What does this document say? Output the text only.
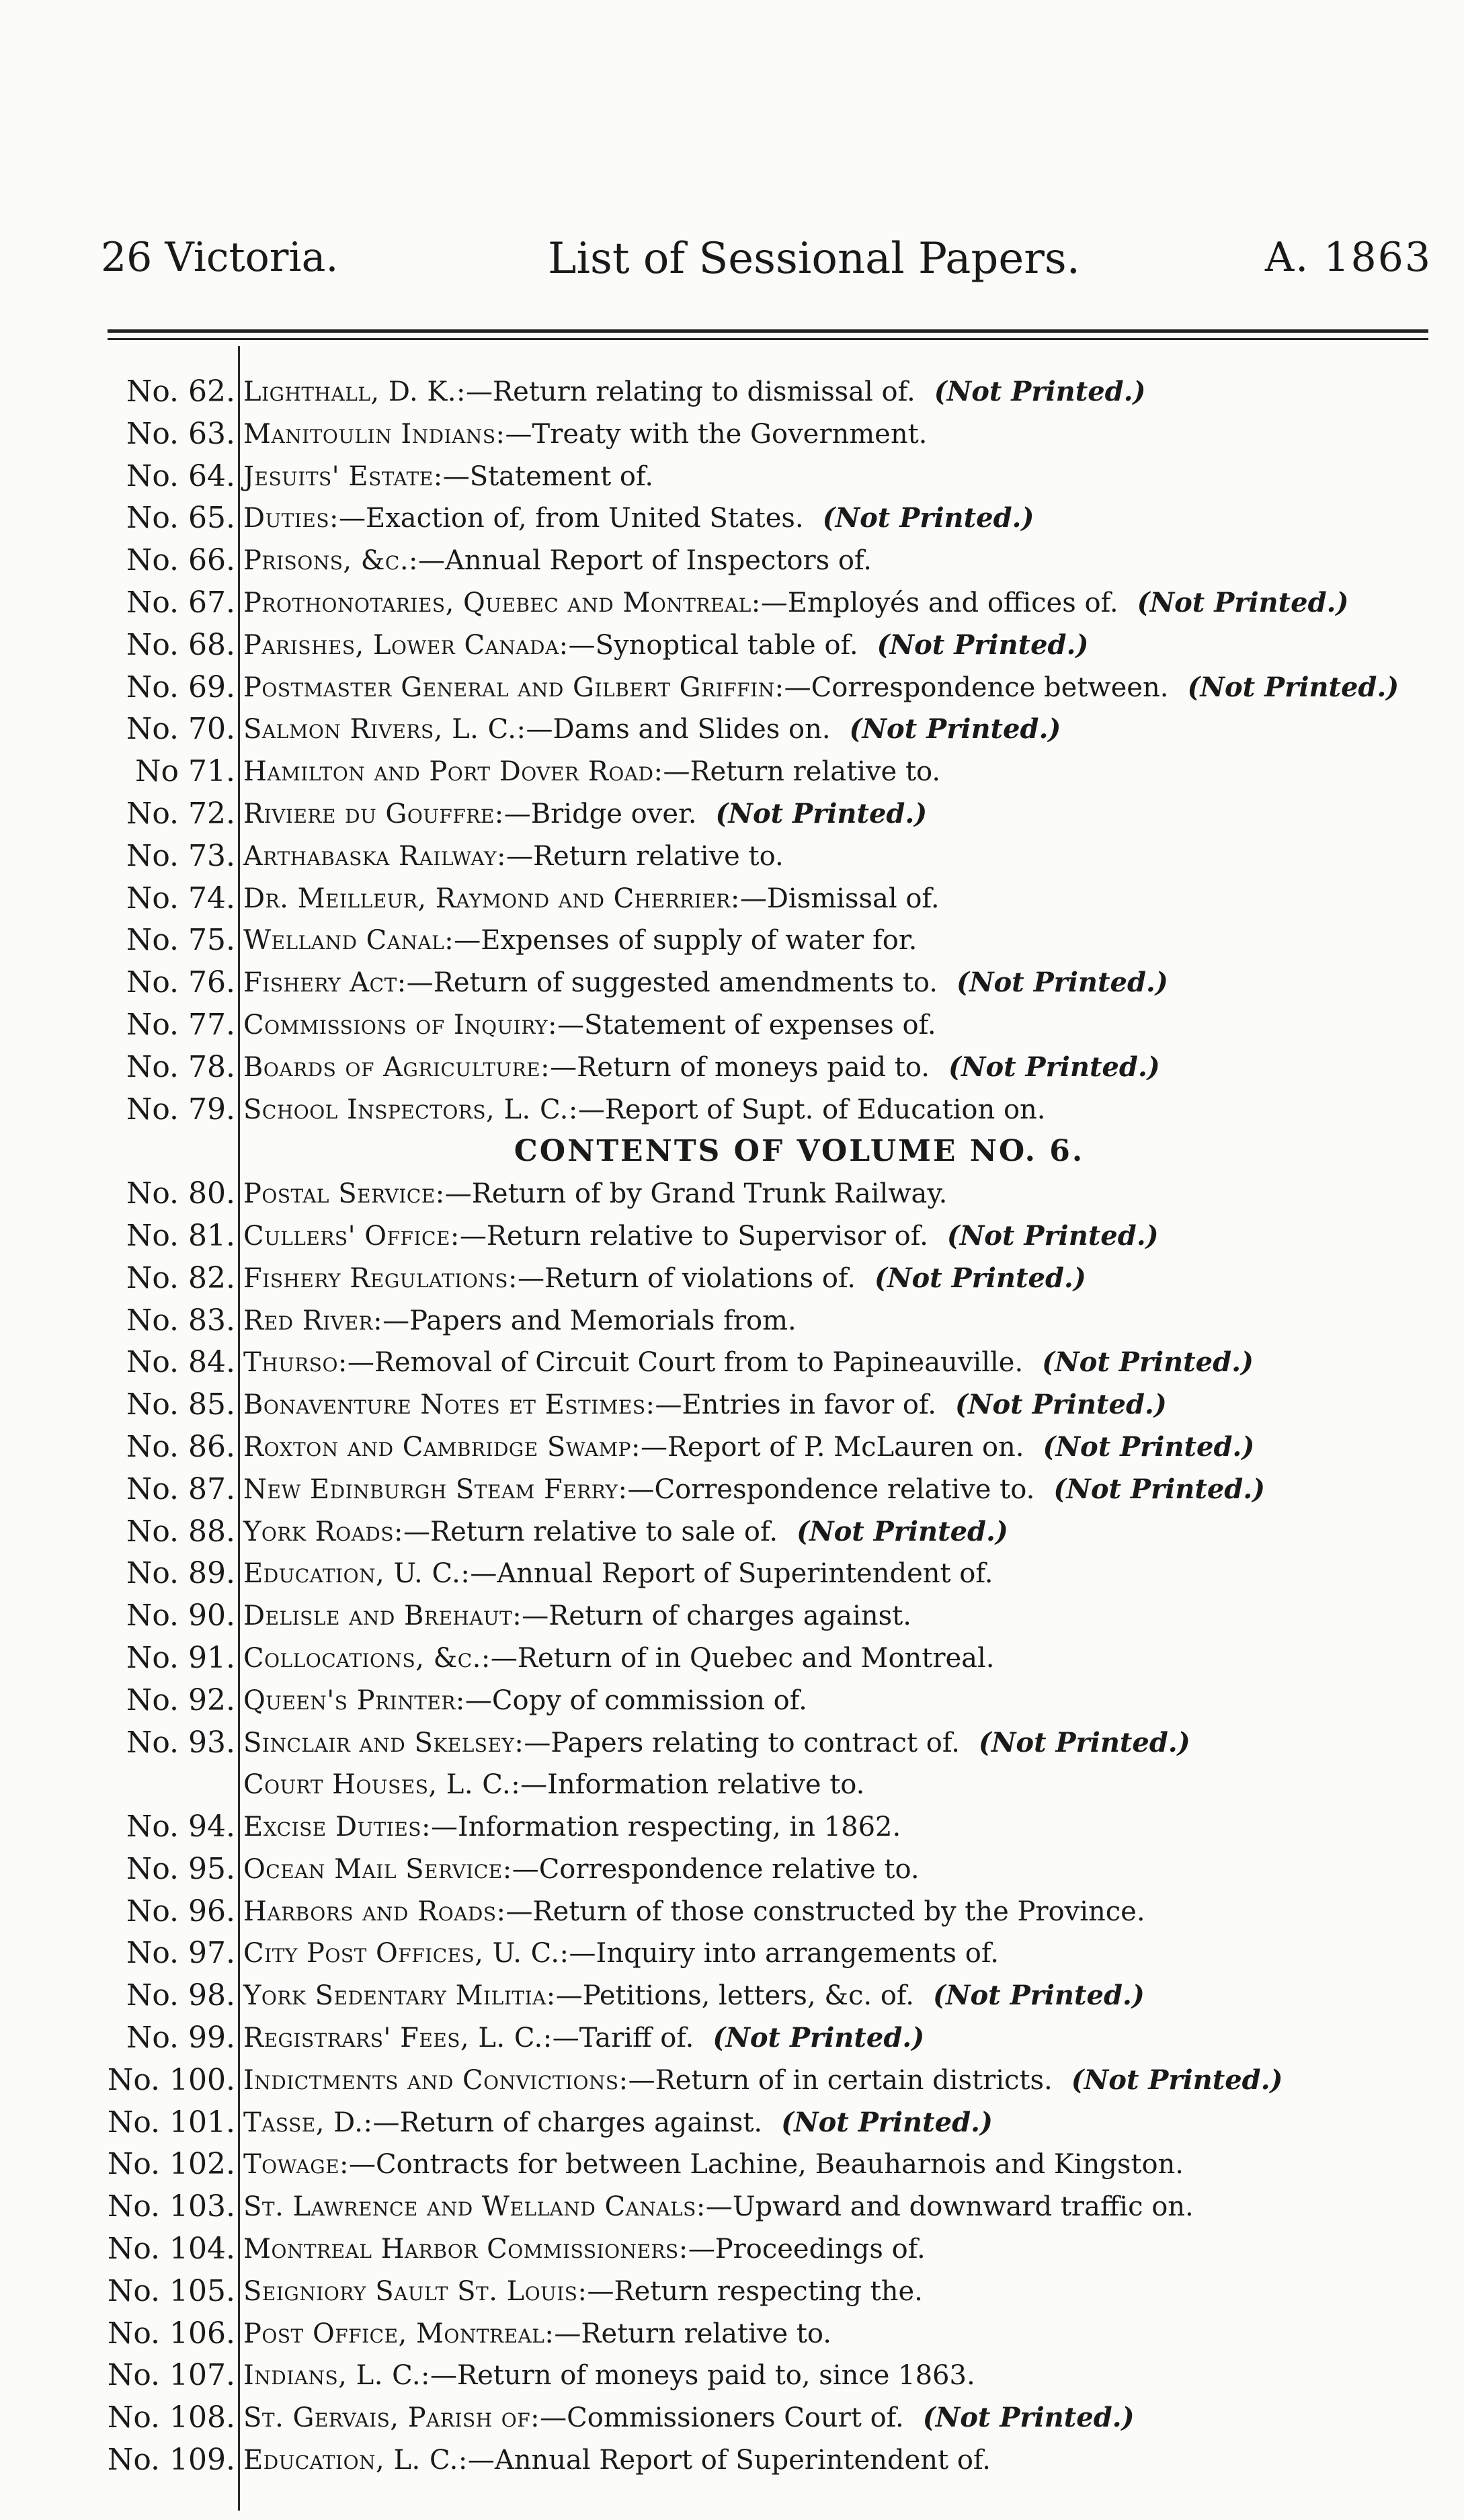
26 Victoria.	List of Sessional Papers.	A. 1863
No. 62. Lighthall, D. K.:—Return relating to dismissal of. (Not Printed.)
No. 63. Manitoulin Indians:—Treaty with the Government.
No. 64. Jesuits' Estate:—Statement of.
No. 65. Duties:—Exaction of, from United States. (Not Printed.)
No. 66. Prisons, &c.:—Annual Report of Inspectors of.
No. 67. Prothonotaries, Quebec and Montreal:—Employés and offices of. (Not Printed.)
No. 68. Parishes, Lower Canada:—Synoptical table of. (Not Printed.)
No. 69. Postmaster General and Gilbert Griffin:—Correspondence between. (Not Printed.)
No. 70. Salmon Rivers, L. C.:—Dams and Slides on. (Not Printed.)
No 71. Hamilton and Port Dover Road:—Return relative to.
No. 72. Riviere du Gouffre:—Bridge over. (Not Printed.)
No. 73. Arthabaska Railway:—Return relative to.
No. 74. Dr. Meilleur, Raymond and Cherrier:—Dismissal of.
No. 75. Welland Canal:—Expenses of supply of water for.
No. 76. Fishery Act:—Return of suggested amendments to. (Not Printed.)
No. 77. Commissions of Inquiry:—Statement of expenses of.
No. 78. Boards of Agriculture:—Return of moneys paid to. (Not Printed.)
No. 79. School Inspectors, L. C.:—Report of Supt. of Education on.
CONTENTS OF VOLUME NO. 6.
No. 80. Postal Service:—Return of by Grand Trunk Railway.
No. 81. Cullers' Office:—Return relative to Supervisor of. (Not Printed.)
No. 82. Fishery Regulations:—Return of violations of. (Not Printed.)
No. 83. Red River:—Papers and Memorials from.
No. 84. Thurso:—Removal of Circuit Court from to Papineauville. (Not Printed.)
No. 85. Bonaventure Notes et Estimes:—Entries in favor of. (Not Printed.)
No. 86. Roxton and Cambridge Swamp:—Report of P. McLauren on. (Not Printed.)
No. 87. New Edinburgh Steam Ferry:—Correspondence relative to. (Not Printed.)
No. 88. York Roads:—Return relative to sale of. (Not Printed.)
No. 89. Education, U. C.:—Annual Report of Superintendent of.
No. 90. Delisle and Brehaut:—Return of charges against.
No. 91. Collocations, &c.:—Return of in Quebec and Montreal.
No. 92. Queen's Printer:—Copy of commission of.
No. 93. Sinclair and Skelsey:—Papers relating to contract of. (Not Printed.)
Court Houses, L. C.:—Information relative to.
No. 94. Excise Duties:—Information respecting, in 1862.
No. 95. Ocean Mail Service:—Correspondence relative to.
No. 96. Harbors and Roads:—Return of those constructed by the Province.
No. 97. City Post Offices, U. C.:—Inquiry into arrangements of.
No. 98. York Sedentary Militia:—Petitions, letters, &c. of. (Not Printed.)
No. 99. Registrars' Fees, L. C.:—Tariff of. (Not Printed.)
No. 100. Indictments and Convictions:—Return of in certain districts. (Not Printed.)
No. 101. Tasse, D.:—Return of charges against. (Not Printed.)
No. 102. Towage:—Contracts for between Lachine, Beauharnois and Kingston.
No. 103. St. Lawrence and Welland Canals:—Upward and downward traffic on.
No. 104. Montreal Harbor Commissioners:—Proceedings of.
No. 105. Seigniory Sault St. Louis:—Return respecting the.
No. 106. Post Office, Montreal:—Return relative to.
No. 107. Indians, L. C.:—Return of moneys paid to, since 1863.
No. 108. St. Gervais, Parish of:—Commissioners Court of. (Not Printed.)
No. 109. Education, L. C.:—Annual Report of Superintendent of.
